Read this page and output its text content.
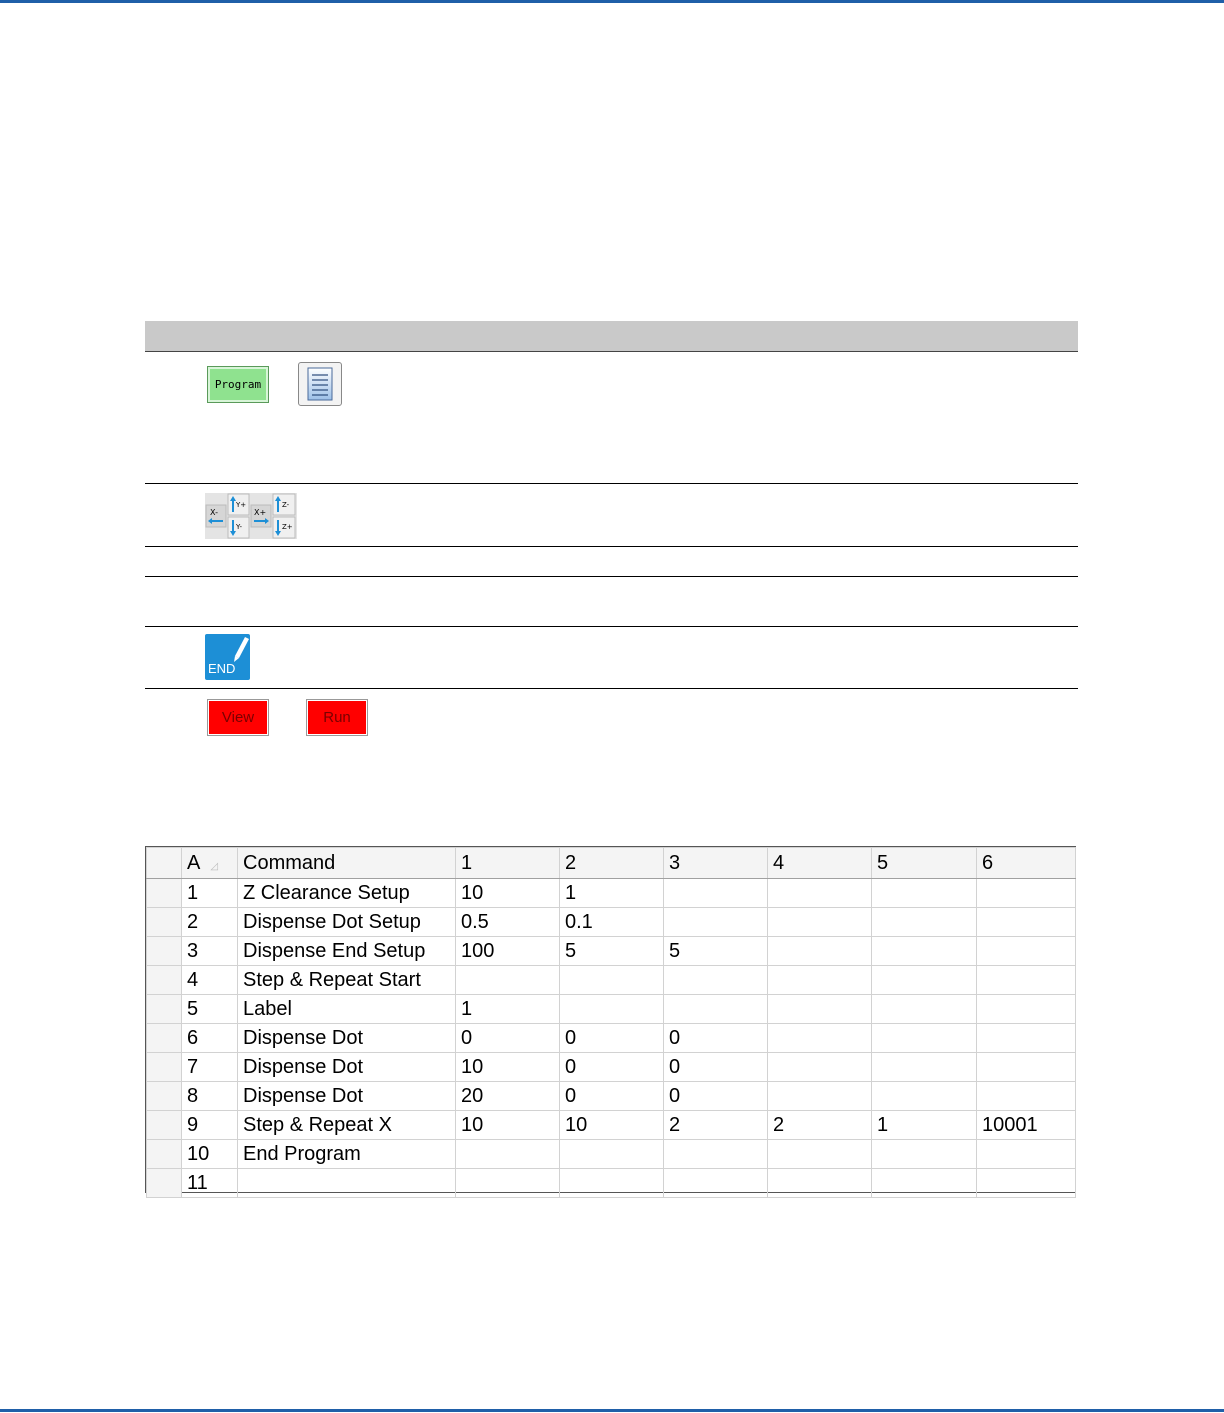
Program
X-
Y+
Y-
X+
Z-
Z+
END
View	Run
	A ◿	Command	1	2	3	4	5	6
	1	Z Clearance Setup	10	1				
	2	Dispense Dot Setup	0.5	0.1				
	3	Dispense End Setup	100	5	5			
	4	Step & Repeat Start						
	5	Label	1					
	6	Dispense Dot	0	0	0			
	7	Dispense Dot	10	0	0			
	8	Dispense Dot	20	0	0			
	9	Step & Repeat X	10	10	2	2	1	10001
	10	End Program						
	11							
